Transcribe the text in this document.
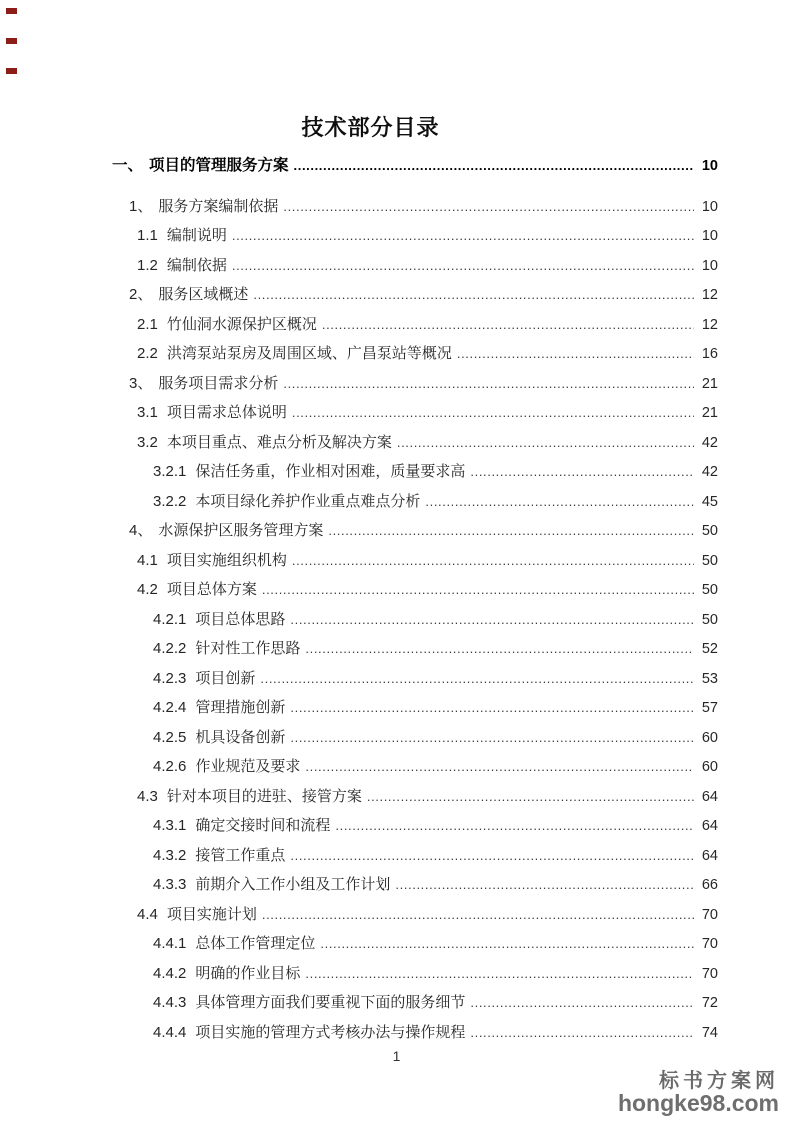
技术部分目录
一、 项目的管理服务方案 .....	10
1、 服务方案编制依据 .....	10
1.1 编制说明 .....	10
1.2 编制依据 .....	10
2、 服务区域概述 .....	12
2.1 竹仙洞水源保护区概况 .....	12
2.2 洪湾泵站泵房及周围区域、广昌泵站等概况 .....	16
3、 服务项目需求分析 .....	21
3.1 项目需求总体说明 .....	21
3.2 本项目重点、难点分析及解决方案 .....	42
3.2.1 保洁任务重，作业相对困难，质量要求高 .....	42
3.2.2 本项目绿化养护作业重点难点分析 .....	45
4、 水源保护区服务管理方案 .....	50
4.1 项目实施组织机构 .....	50
4.2 项目总体方案 .....	50
4.2.1 项目总体思路 .....	50
4.2.2 针对性工作思路 .....	52
4.2.3 项目创新 .....	53
4.2.4 管理措施创新 .....	57
4.2.5 机具设备创新 .....	60
4.2.6 作业规范及要求 .....	60
4.3 针对本项目的进驻、接管方案 .....	64
4.3.1 确定交接时间和流程 .....	64
4.3.2 接管工作重点 .....	64
4.3.3 前期介入工作小组及工作计划 .....	66
4.4 项目实施计划 .....	70
4.4.1 总体工作管理定位 .....	70
4.4.2 明确的作业目标 .....	70
4.4.3 具体管理方面我们要重视下面的服务细节 .....	72
4.4.4 项目实施的管理方式考核办法与操作规程 .....	74
1
标书方案网
hongke98.com
